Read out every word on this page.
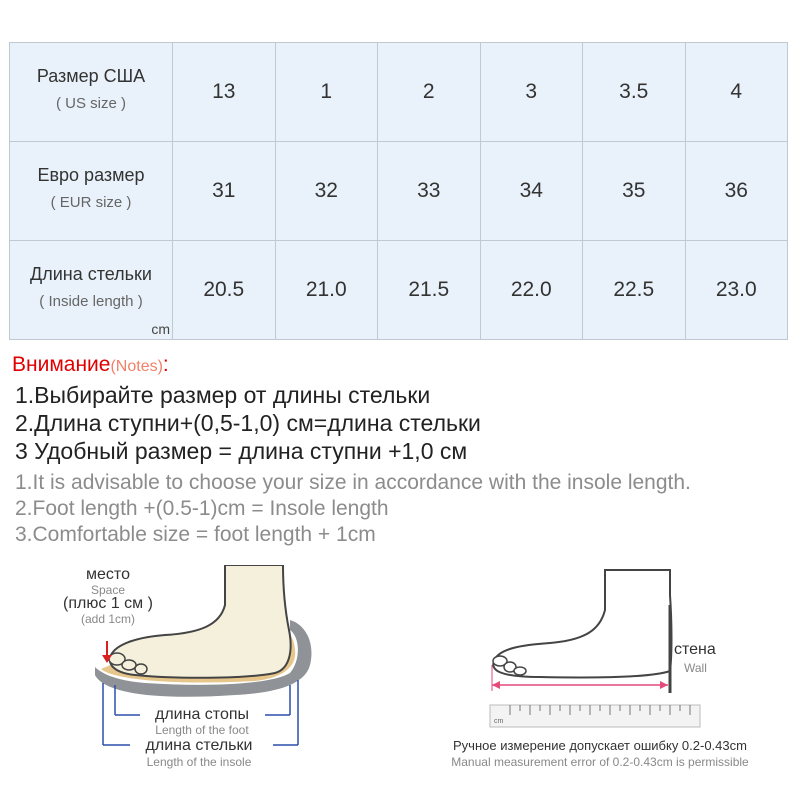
Размер США
( US size )	13	1	2	3	3.5	4

Евро размер
( EUR size )	31	32	33	34	35	36

Длина стельки
( Inside length )
cm	20.5	21.0	21.5	22.0	22.5	23.0
Внимание(Notes):
1.Выбирайте размер от длины стельки
2.Длина ступни+(0,5-1,0) см=длина стельки
3 Удобный размер = длина ступни +1,0 см
1.It is advisable to choose your size in accordance with the insole length.
2.Foot length +(0.5-1)cm = Insole length
3.Comfortable size = foot length + 1cm
место
Space
(плюс 1 см )
(add 1cm)
длина стопы
Length of the foot
длина стельки
Length of the insole
cm
стена
Wall
Ручное измерение допускает ошибку 0.2-0.43cm
Manual measurement error of 0.2-0.43cm is permissible
